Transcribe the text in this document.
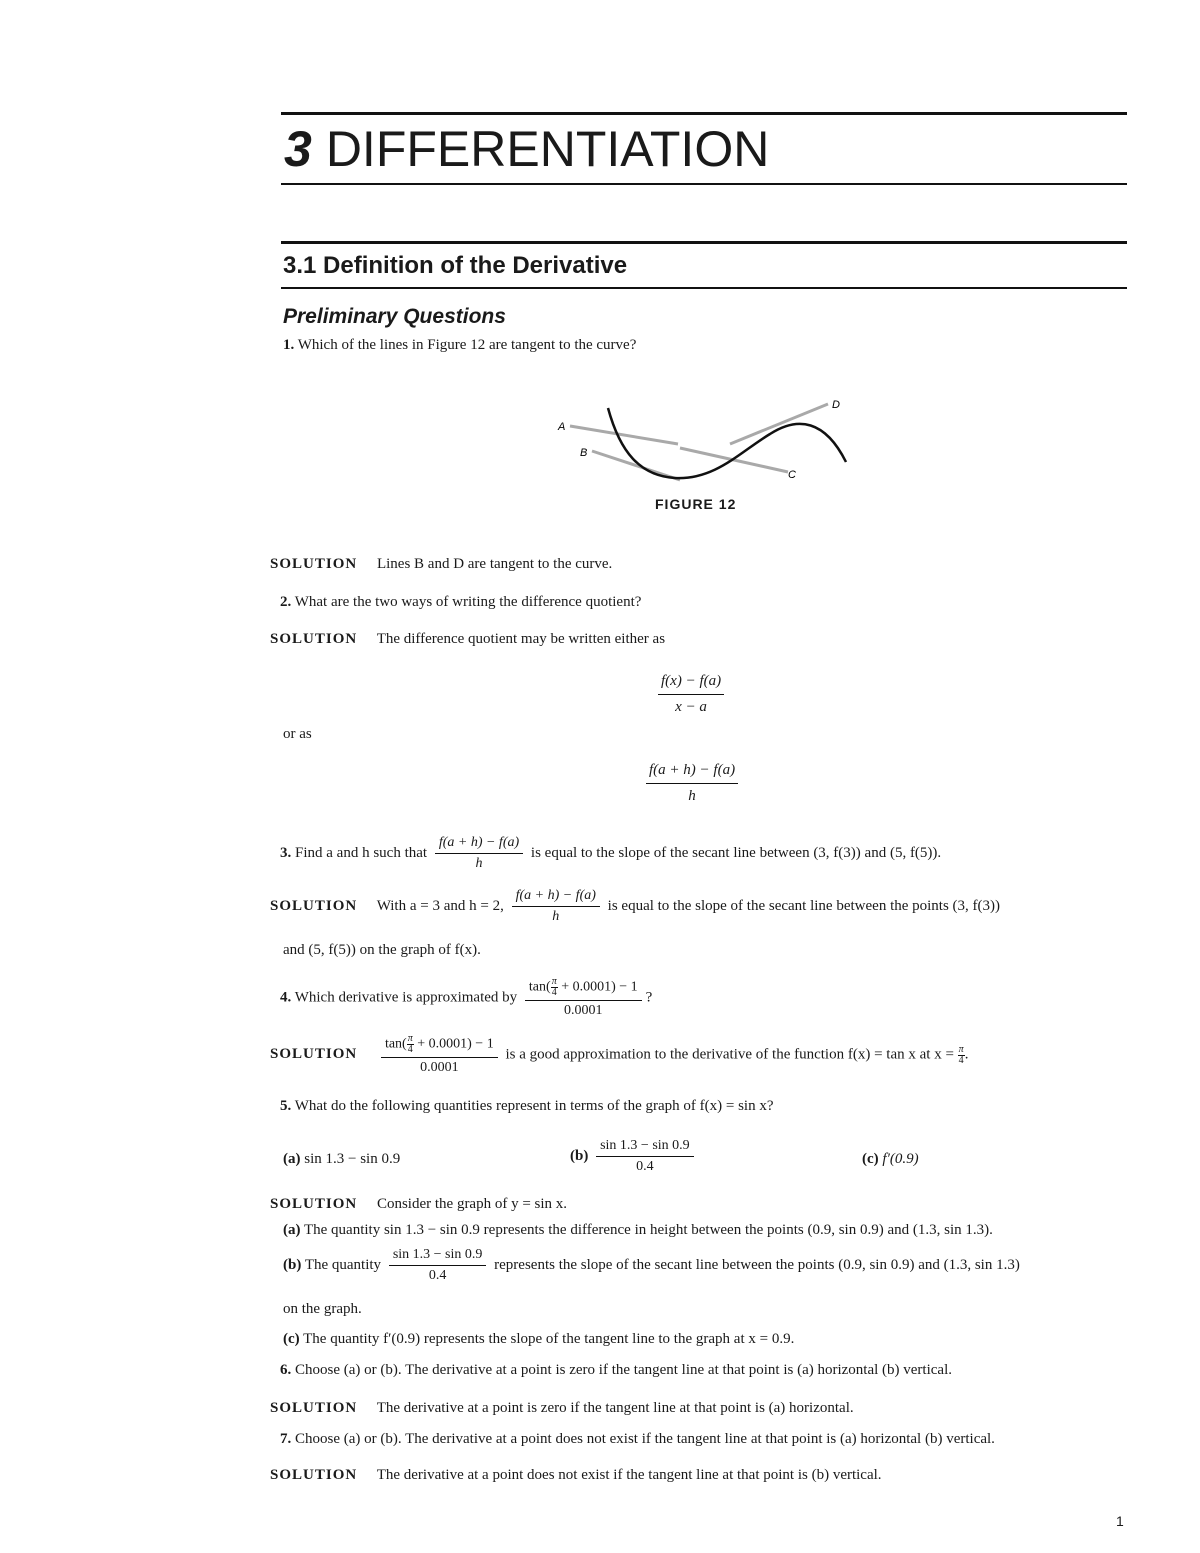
3 DIFFERENTIATION
3.1 Definition of the Derivative
Preliminary Questions
1. Which of the lines in Figure 12 are tangent to the curve?
A
B
C
D
FIGURE 12
SOLUTION Lines B and D are tangent to the curve.
2. What are the two ways of writing the difference quotient?
SOLUTION The difference quotient may be written either as
$\frac{f(x) - f(a)}{x - a}$
or as
$\frac{f(a + h) - f(a)}{h}$
3. Find a and h such that $\frac{f(a + h) - f(a)}{h}$ is equal to the slope of the secant line between (3, f(3)) and (5, f(5)).
SOLUTION With a = 3 and h = 2, $\frac{f(a + h) - f(a)}{h}$ is equal to the slope of the secant line between the points (3, f(3))
and (5, f(5)) on the graph of f(x).
4. Which derivative is approximated by $\frac{\tan( \frac{\pi}{4} + 0.0001) - 1}{0.0001}$ ?
SOLUTION $\frac{\tan( \frac{\pi}{4} + 0.0001) - 1}{0.0001}$ is a good approximation to the derivative of the function f(x) = tan x at $x = \frac{\pi}{4}$ .
5. What do the following quantities represent in terms of the graph of f(x) = sin x?
(a) sin 1.3 − sin 0.9	$(b) \frac{\sin 1.3 - \sin 0.9}{0.4}$	(c) f′(0.9)
SOLUTION Consider the graph of y = sin x.
(a) The quantity sin 1.3 − sin 0.9 represents the difference in height between the points (0.9, sin 0.9) and (1.3, sin 1.3).
(b) The quantity $\frac{\sin 1.3 - \sin 0.9}{0.4}$ represents the slope of the secant line between the points (0.9, sin 0.9) and (1.3, sin 1.3)
on the graph.
(c) The quantity f′(0.9) represents the slope of the tangent line to the graph at x = 0.9.
6. Choose (a) or (b). The derivative at a point is zero if the tangent line at that point is (a) horizontal (b) vertical.
SOLUTION The derivative at a point is zero if the tangent line at that point is (a) horizontal.
7. Choose (a) or (b). The derivative at a point does not exist if the tangent line at that point is (a) horizontal (b) vertical.
SOLUTION The derivative at a point does not exist if the tangent line at that point is (b) vertical.
1
